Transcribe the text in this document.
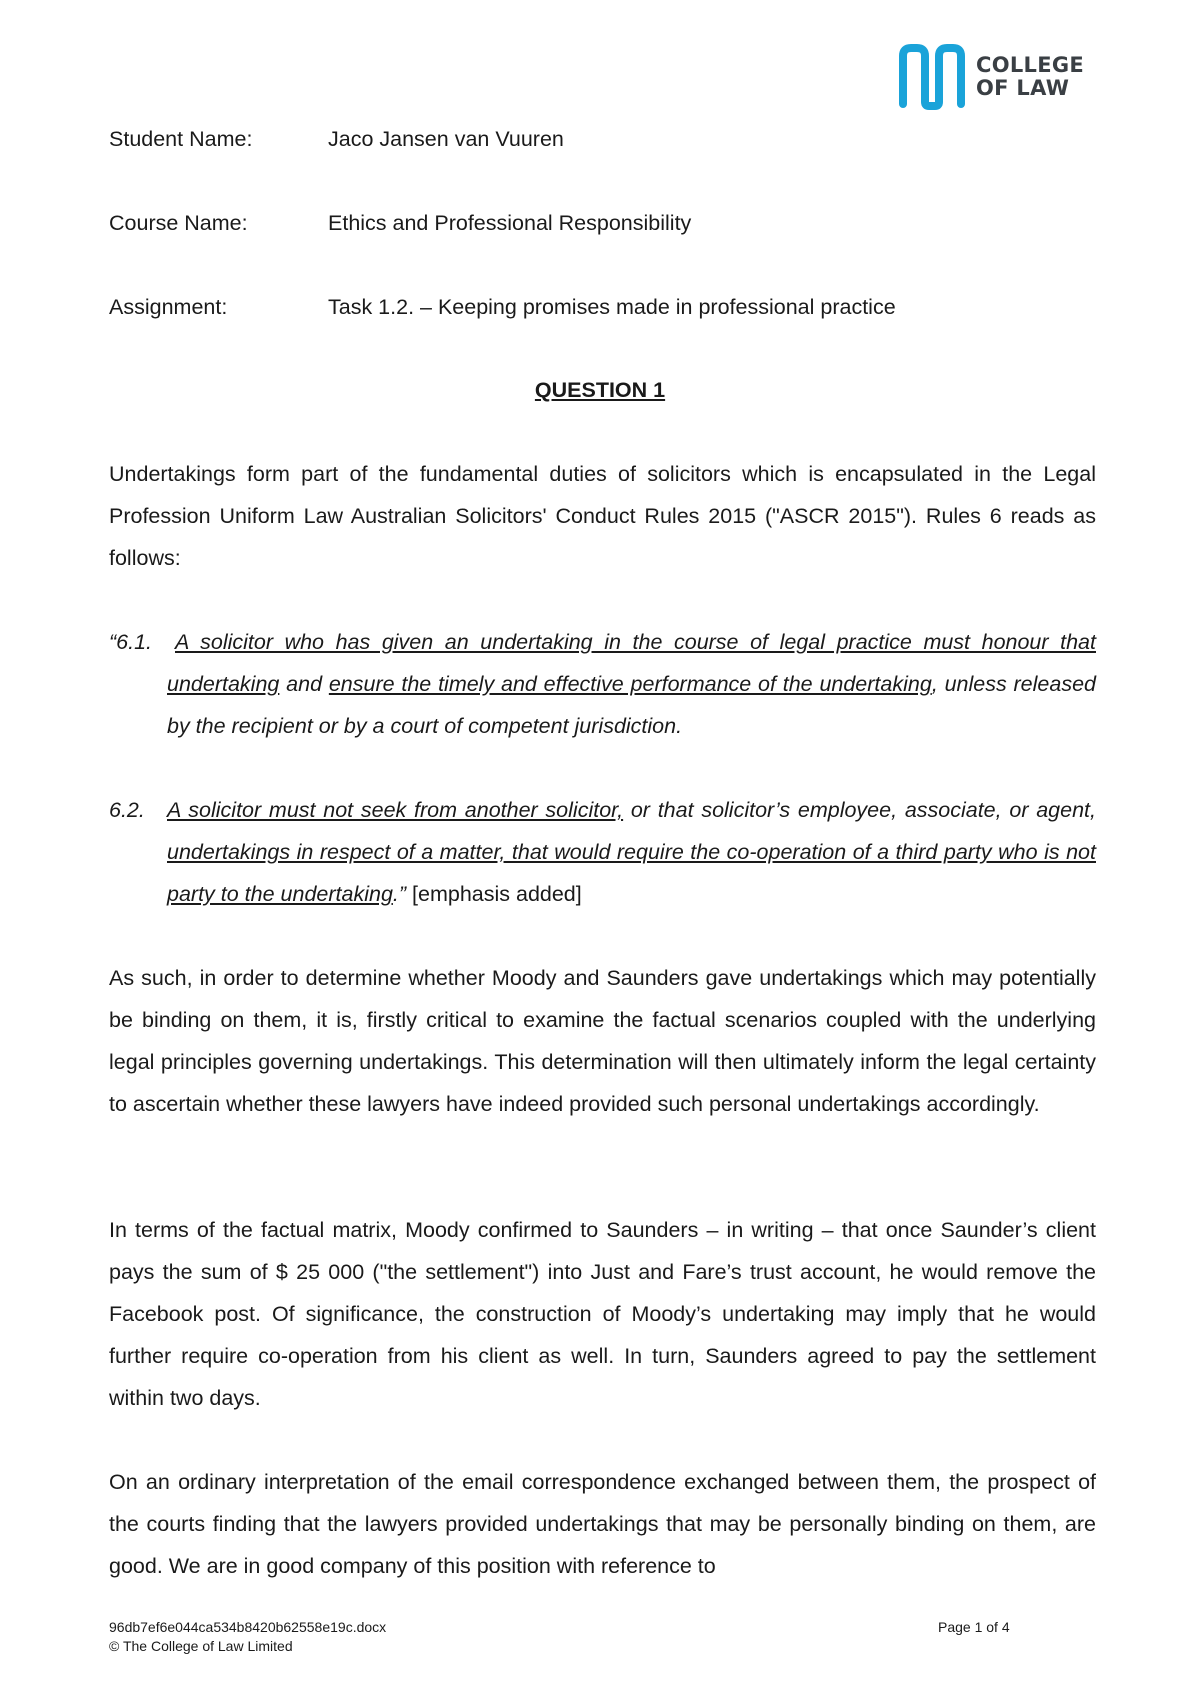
COLLEGE
OF LAW
Student Name:	Jaco Jansen van Vuuren
Course Name:	Ethics and Professional Responsibility
Assignment:	Task 1.2. – Keeping promises made in professional practice
QUESTION 1
Undertakings form part of the fundamental duties of solicitors which is encapsulated in the Legal Profession Uniform Law Australian Solicitors' Conduct Rules 2015 ("ASCR 2015"). Rules 6 reads as follows:
“6.1.	A solicitor who has given an undertaking in the course of legal practice must honour that undertaking and ensure the timely and effective performance of the undertaking, unless released by the recipient or by a court of competent jurisdiction.
6.2. A solicitor must not seek from another solicitor, or that solicitor’s employee, associate, or agent, undertakings in respect of a matter, that would require the co-operation of a third party who is not party to the undertaking.” [emphasis added]
As such, in order to determine whether Moody and Saunders gave undertakings which may potentially be binding on them, it is, firstly critical to examine the factual scenarios coupled with the underlying legal principles governing undertakings. This determination will then ultimately inform the legal certainty to ascertain whether these lawyers have indeed provided such personal undertakings accordingly.
In terms of the factual matrix, Moody confirmed to Saunders – in writing – that once Saunder’s client pays the sum of $ 25 000 ("the settlement") into Just and Fare’s trust account, he would remove the Facebook post. Of significance, the construction of Moody’s undertaking may imply that he would further require co-operation from his client as well. In turn, Saunders agreed to pay the settlement within two days.
On an ordinary interpretation of the email correspondence exchanged between them, the prospect of the courts finding that the lawyers provided undertakings that may be personally binding on them, are good. We are in good company of this position with reference to
96db7ef6e044ca534b8420b62558e19c.docx
© The College of Law Limited
Page 1 of 4
